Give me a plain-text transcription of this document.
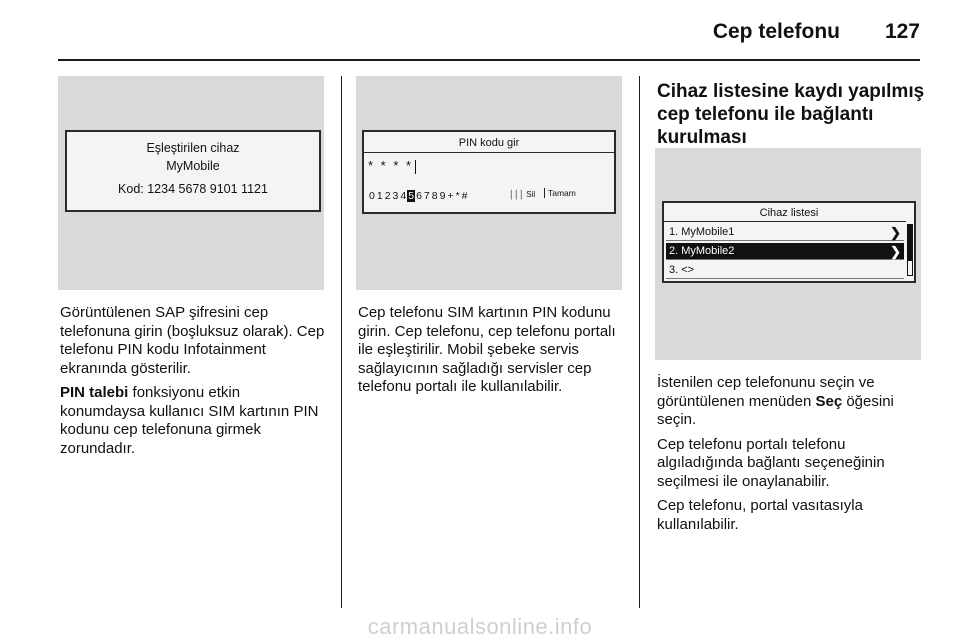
Cep telefonu 127
Eşleştirilen cihaz
MyMobile
Kod: 1234 5678 9101 1121

Görüntülenen SAP şifresini cep telefonuna girin (boşluksuz olarak). Cep telefonu PIN kodu Infotainment ekranında gösterilir.

PIN talebi fonksiyonu etkin konumdaysa kullanıcı SIM kartının PIN kodunu cep telefonuna girmek zorundadır.

PIN kodu gir
* * * *
0 1 2 3 4 5 6 7 8 9 + * #	│││ Sil	Tamam

Cep telefonu SIM kartının PIN kodunu girin. Cep telefonu, cep telefonu portalı ile eşleştirilir. Mobil şebeke servis sağlayıcının sağladığı servisler cep telefonu portalı ile kullanılabilir.

Cihaz listesine kaydı yapılmış cep telefonu ile bağlantı kurulması
Cihaz listesi
1. MyMobile1	❯
2. MyMobile2	❯
3. <>

İstenilen cep telefonunu seçin ve görüntülenen menüden Seç öğesini seçin.

Cep telefonu portalı telefonu algıladığında bağlantı seçeneğinin seçilmesi ile onaylanabilir.

Cep telefonu, portal vasıtasıyla kullanılabilir.

carmanualsonline.info
